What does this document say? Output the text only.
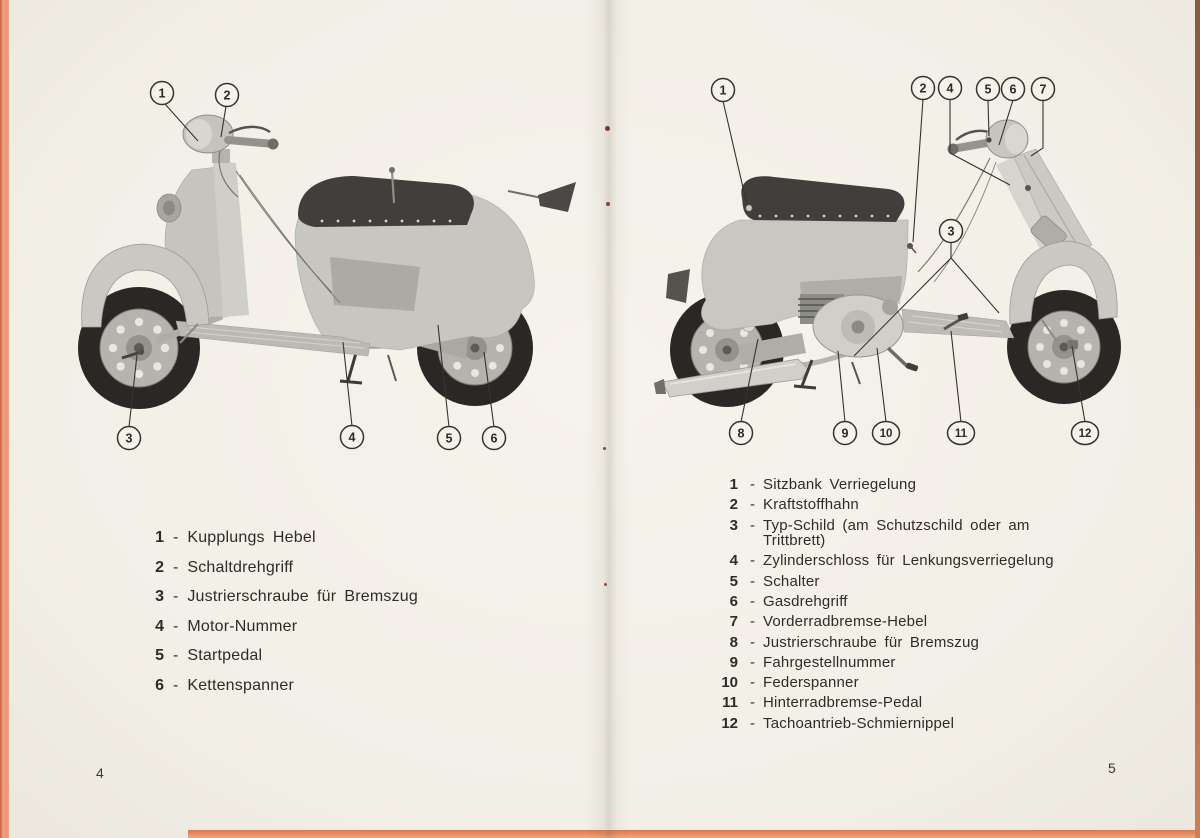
1	2
3	4	5	6
1 - Kupplungs Hebel
2 - Schaltdrehgriff
3 - Justrierschraube für Bremszug
4 - Motor-Nummer
5 - Startpedal
6 - Kettenspanner
4
1	2 4 5 6 7
3
8	9	10	11	12
1 - Sitzbank Verriegelung
2 - Kraftstoffhahn
3 - Typ-Schild (am Schutzschild oder am Trittbrett)
4 - Zylinderschloss für Lenkungsverriegelung
5 - Schalter
6 - Gasdrehgriff
7 - Vorderradbremse-Hebel
8 - Justrierschraube für Bremszug
9 - Fahrgestellnummer
10 - Federspanner
11 - Hinterradbremse-Pedal
12 - Tachoantrieb-Schmiernippel
5
